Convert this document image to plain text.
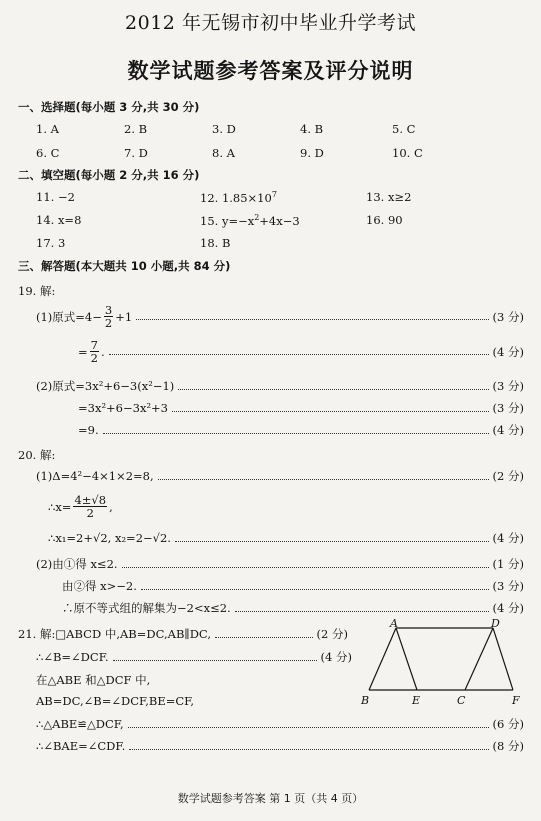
2012 年无锡市初中毕业升学考试
数学试题参考答案及评分说明
一、选择题(每小题 3 分,共 30 分)
1. A	2. B	3. D	4. B	5. C
6. C	7. D	8. A	9. D	10. C
二、填空题(每小题 2 分,共 16 分)
11. −2	12. $1.85\times 10^7$	13. x≥2
14. x=8	15. $y=-x^2+4x-3$	16. 90
17. 3	18. B
三、解答题(本大题共 10 小题,共 84 分)
19. 解:
(1)原式$=4- \frac{3}{2} +1$	(3 分)
= $\frac{7}{2}$ .	(4 分)
(2)原式=3x²+6−3(x²−1)	(3 分)
=3x²+6−3x²+3	(3 分)
=9.	(4 分)
20. 解:
(1)Δ=4²−4×1×2=8,	(2 分)
∴x= $\frac{4\pm√8}{2}$ ,
∴x₁=2+√2, x₂=2−√2.	(4 分)
(2)由①得 x≤2.	(1 分)
由②得 x>−2.	(3 分)
∴原不等式组的解集为−2<x≤2.	(4 分)
21. 解:□ABCD 中,AB=DC,AB∥DC,	(2 分)
∴∠B=∠DCF.	(4 分)
在△ABE 和△DCF 中,
AB=DC,∠B=∠DCF,BE=CF,
∴△ABE≌△DCF,	(6 分)
∴∠BAE=∠CDF.	(8 分)
A	D
B	E	C	F
数学试题参考答案 第 1 页（共 4 页）
